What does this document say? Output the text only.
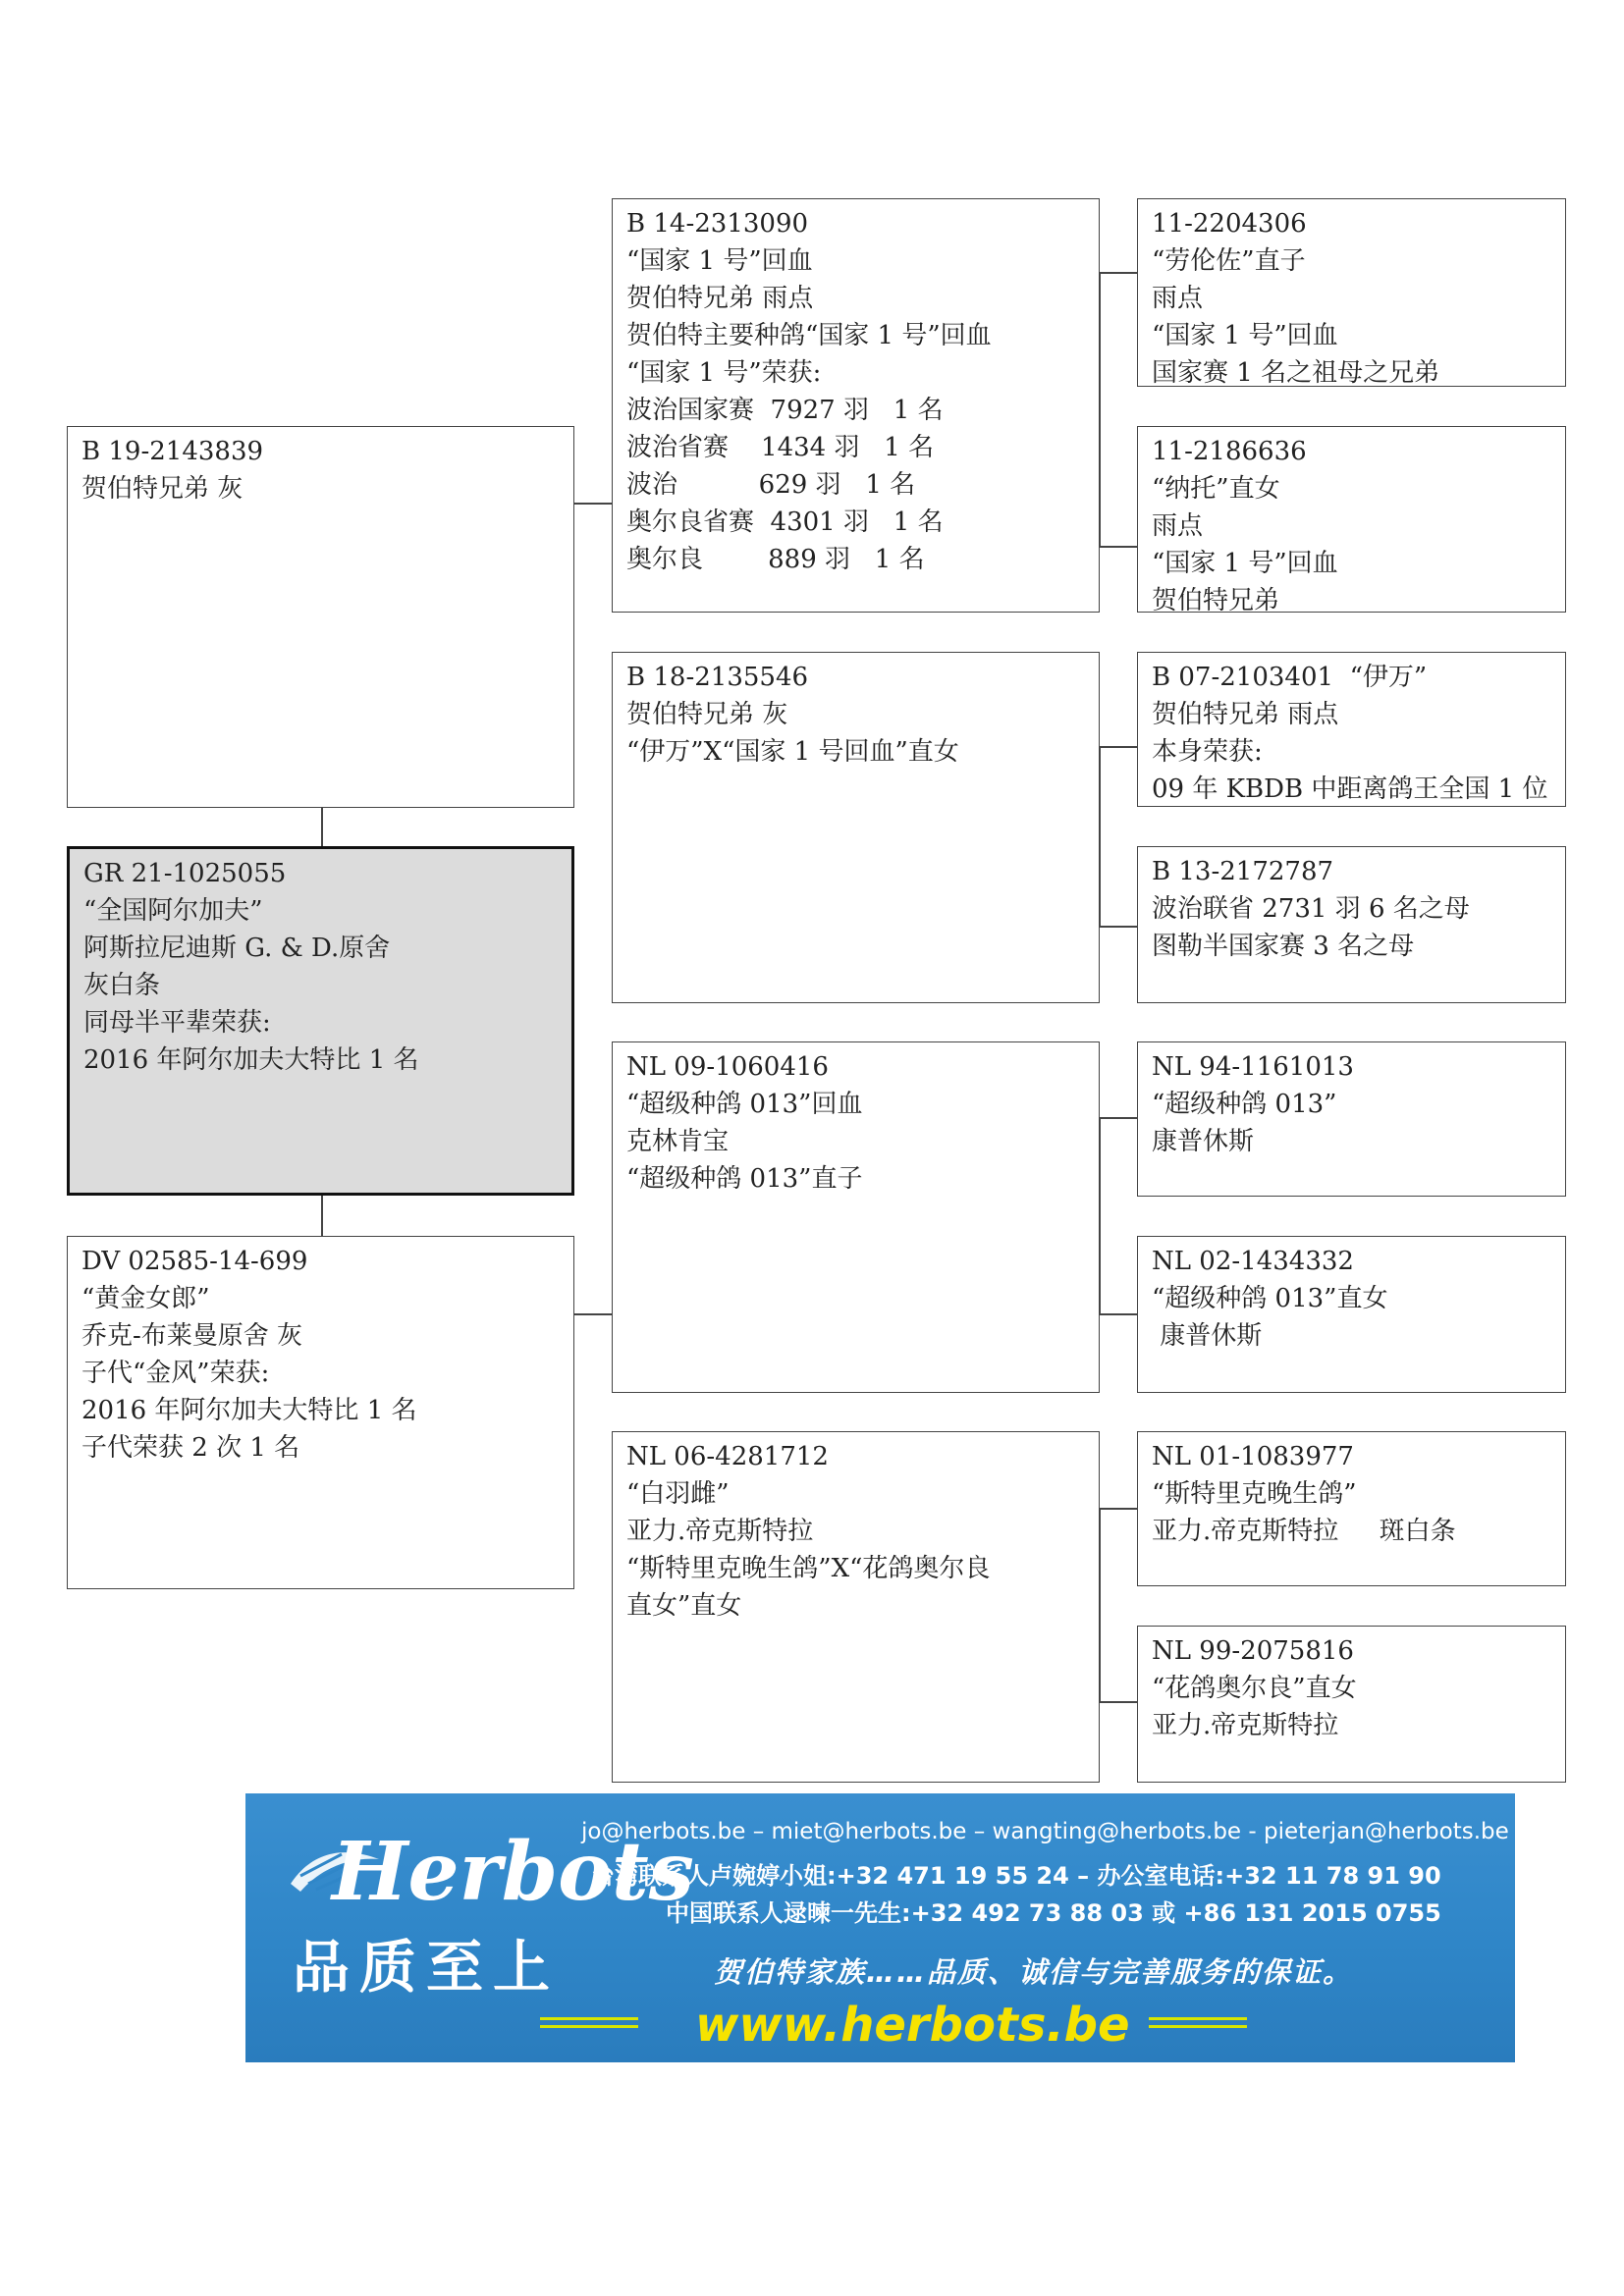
B 19-2143839
贺伯特兄弟 灰
GR 21-1025055
“全国阿尔加夫”
阿斯拉尼迪斯 G. & D.原舍
灰白条
同母半平辈荣获:
2016 年阿尔加夫大特比 1 名
DV 02585-14-699
“黄金女郎”
乔克-布莱曼原舍 灰
子代“金风”荣获:
2016 年阿尔加夫大特比 1 名
子代荣获 2 次 1 名
B 14-2313090
“国家 1 号”回血
贺伯特兄弟 雨点
贺伯特主要种鸽“国家 1 号”回血
“国家 1 号”荣获:
波治国家赛  7927 羽   1 名
波治省赛    1434 羽   1 名
波治          629 羽   1 名
奥尔良省赛  4301 羽   1 名
奥尔良        889 羽   1 名
B 18-2135546
贺伯特兄弟 灰
“伊万”X“国家 1 号回血”直女
NL 09-1060416
“超级种鸽 013”回血
克林肯宝
“超级种鸽 013”直子
NL 06-4281712
“白羽雌”
亚力.帝克斯特拉
“斯特里克晚生鸽”X“花鸽奥尔良
直女”直女
11-2204306
“劳伦佐”直子
雨点
“国家 1 号”回血
国家赛 1 名之祖母之兄弟
11-2186636
“纳托”直女
雨点
“国家 1 号”回血
贺伯特兄弟
B 07-2103401  “伊万”
贺伯特兄弟 雨点
本身荣获:
09 年 KBDB 中距离鸽王全国 1 位
B 13-2172787
波治联省 2731 羽 6 名之母
图勒半国家赛 3 名之母
NL 94-1161013
“超级种鸽 013”
康普休斯
NL 02-1434332
“超级种鸽 013”直女
康普休斯
NL 01-1083977
“斯特里克晚生鸽”
亚力.帝克斯特拉     斑白条
NL 99-2075816
“花鸽奥尔良”直女
亚力.帝克斯特拉
Herbots
品质至上
jo@herbots.be – miet@herbots.be – wangting@herbots.be - pieterjan@herbots.be
台湾联系人卢婉婷小姐:+32 471 19 55 24 – 办公室电话:+32 11 78 91 90
中国联系人逯暕一先生:+32 492 73 88 03 或 +86 131 2015 0755
贺伯特家族……品质、诚信与完善服务的保证。
www.herbots.be
